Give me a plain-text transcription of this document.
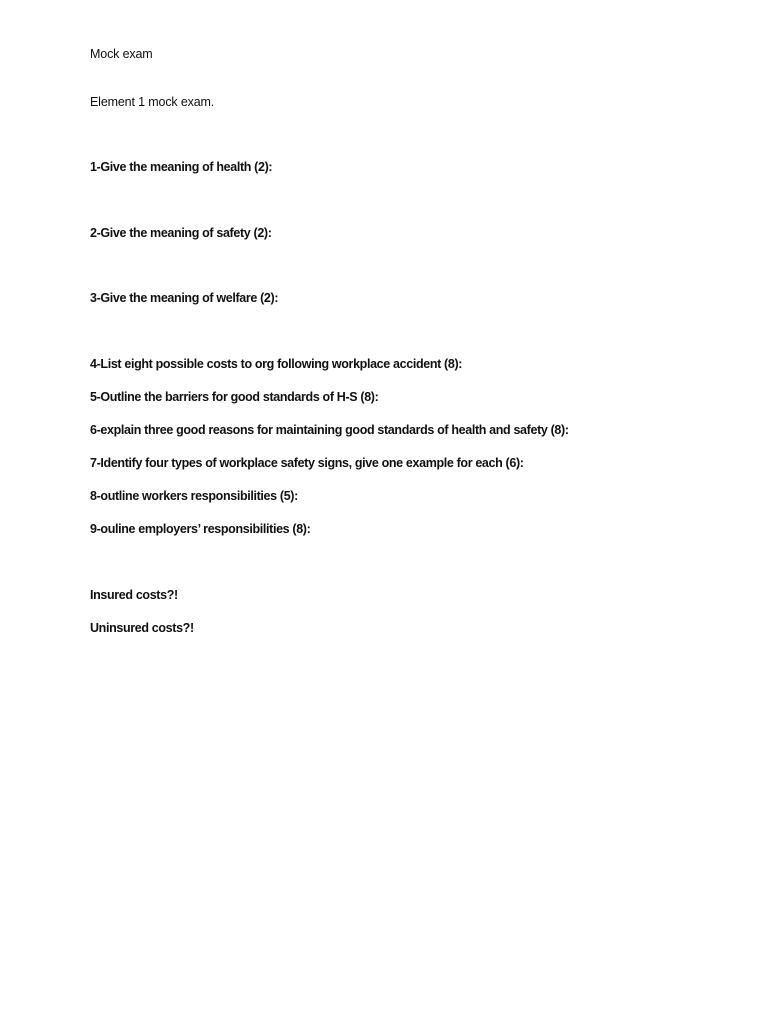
Mock exam
Element 1 mock exam.
1-Give the meaning of health (2):
2-Give the meaning of safety (2):
3-Give the meaning of welfare (2):
4-List eight possible costs to org following workplace accident (8):
5-Outline the barriers for good standards of H-S (8):
6-explain three good reasons for maintaining good standards of health and safety (8):
7-Identify four types of workplace safety signs, give one example for each (6):
8-outline workers responsibilities (5):
9-ouline employers’ responsibilities (8):
Insured costs?!
Uninsured costs?!
